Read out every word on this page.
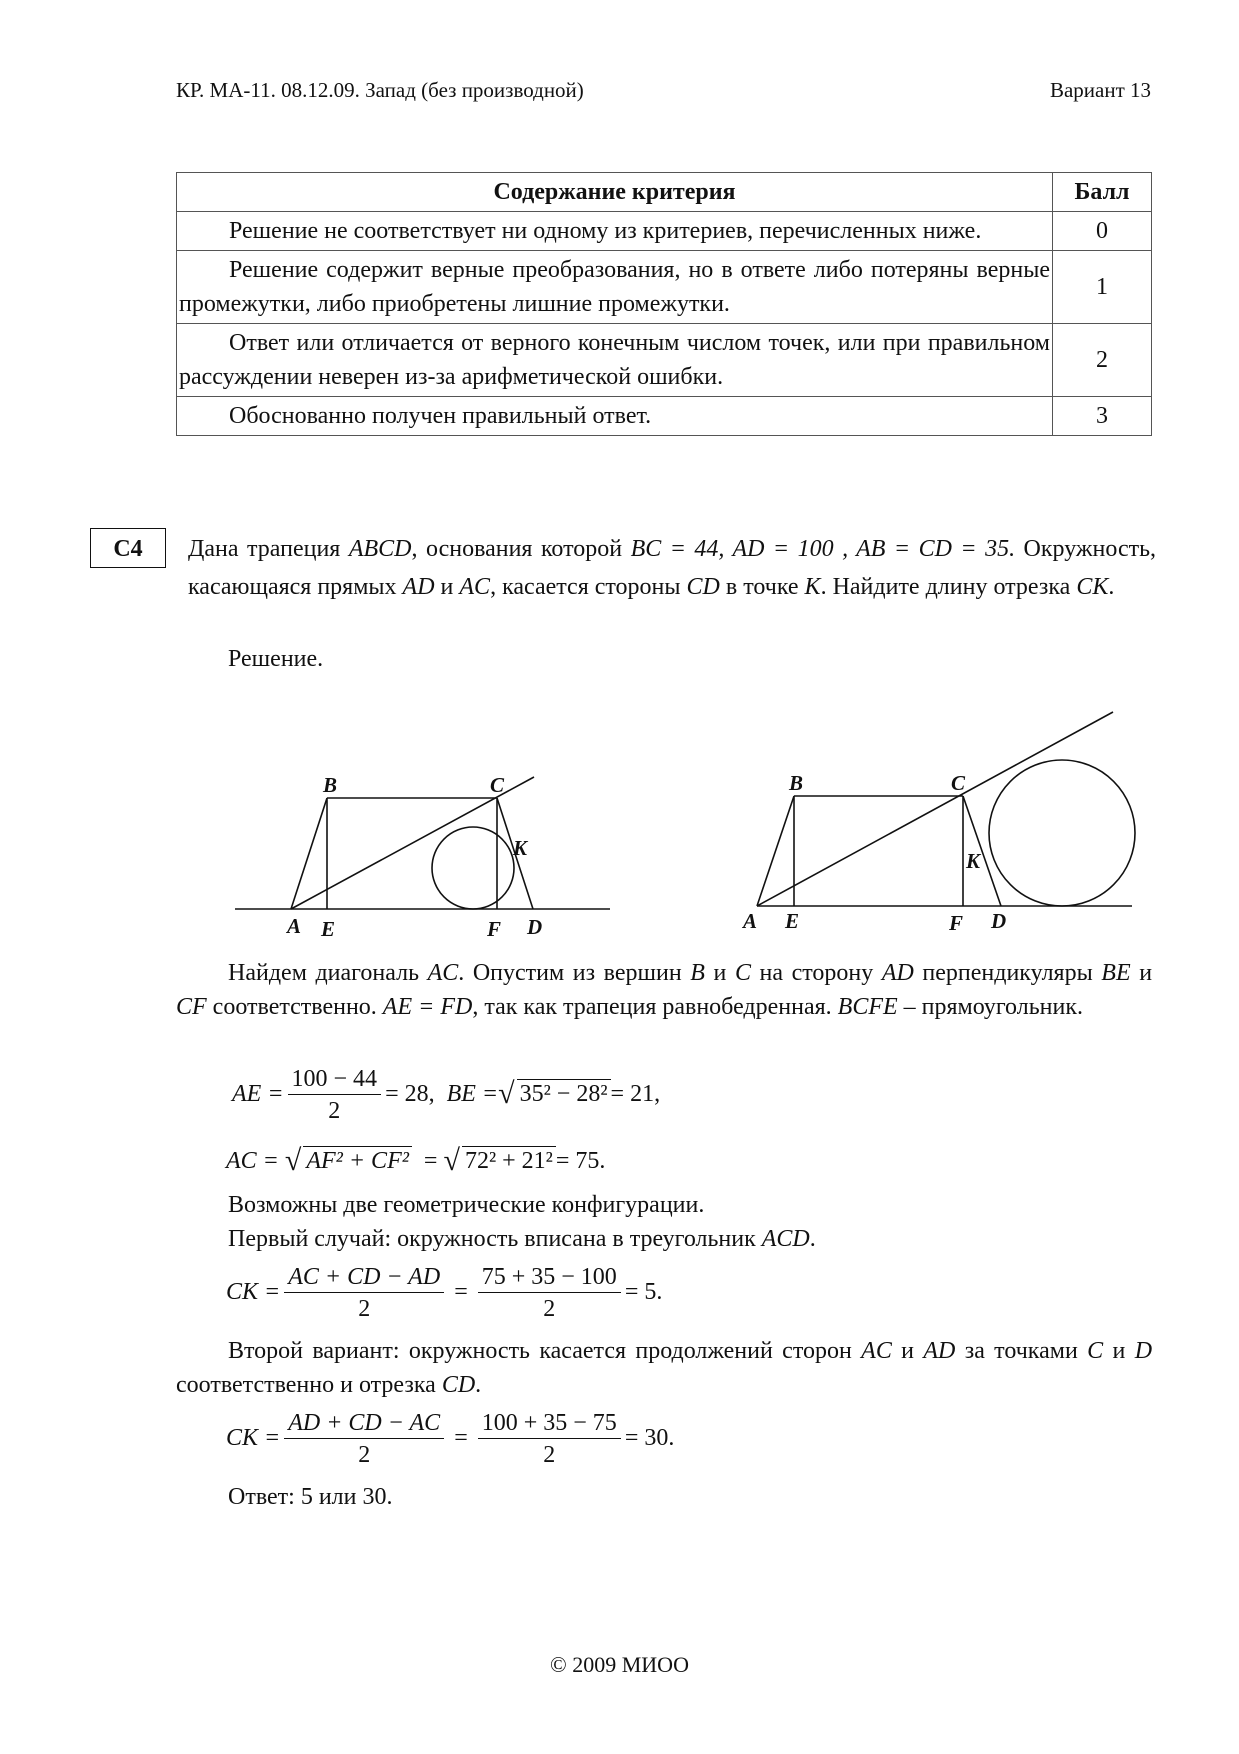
КР. МА-11. 08.12.09. Запад (без производной)	Вариант 13
Содержание критерия	Балл
Решение не соответствует ни одному из критериев, перечисленных ниже.	0
Решение содержит верные преобразования, но в ответе либо потеряны верные промежутки, либо приобретены лишние промежутки.	1
Ответ или отличается от верного конечным числом точек, или при правильном рассуждении неверен из-за арифметической ошибки.	2
Обоснованно получен правильный ответ.	3
C4	Дана трапеция ABCD, основания которой BC = 44, AD = 100 , AB = CD = 35. Окружность, касающаяся прямых AD и AC, касается стороны CD в точке K. Найдите длину отрезка CK.
Решение.
B	C
K
A E	F D
B	C
K
A E	F D
Найдем диагональ AC. Опустим из вершин B и C на сторону AD перпендикуляры BE и CF соответственно. AE = FD, так как трапеция равнобедренная. BCFE – прямоугольник.
AE = $\frac{100 - 44}{2} = 28$, BE =√ 35² − 28² = 21,
AC = √ AF² + CF² = √ 72² + 21² = 75.
Возможны две геометрические конфигурации.
Первый случай: окружность вписана в треугольник ACD.
CK = $\frac{AC + CD - AD}{2} = \frac{75 + 35 - 100}{2} = 5$.
Второй вариант: окружность касается продолжений сторон AC и AD за точками C и D соответственно и отрезка CD.
CK = $\frac{AD + CD - AC}{2} = \frac{100 + 35 - 75}{2} = 30$.
Ответ: 5 или 30.
© 2009 МИОО
